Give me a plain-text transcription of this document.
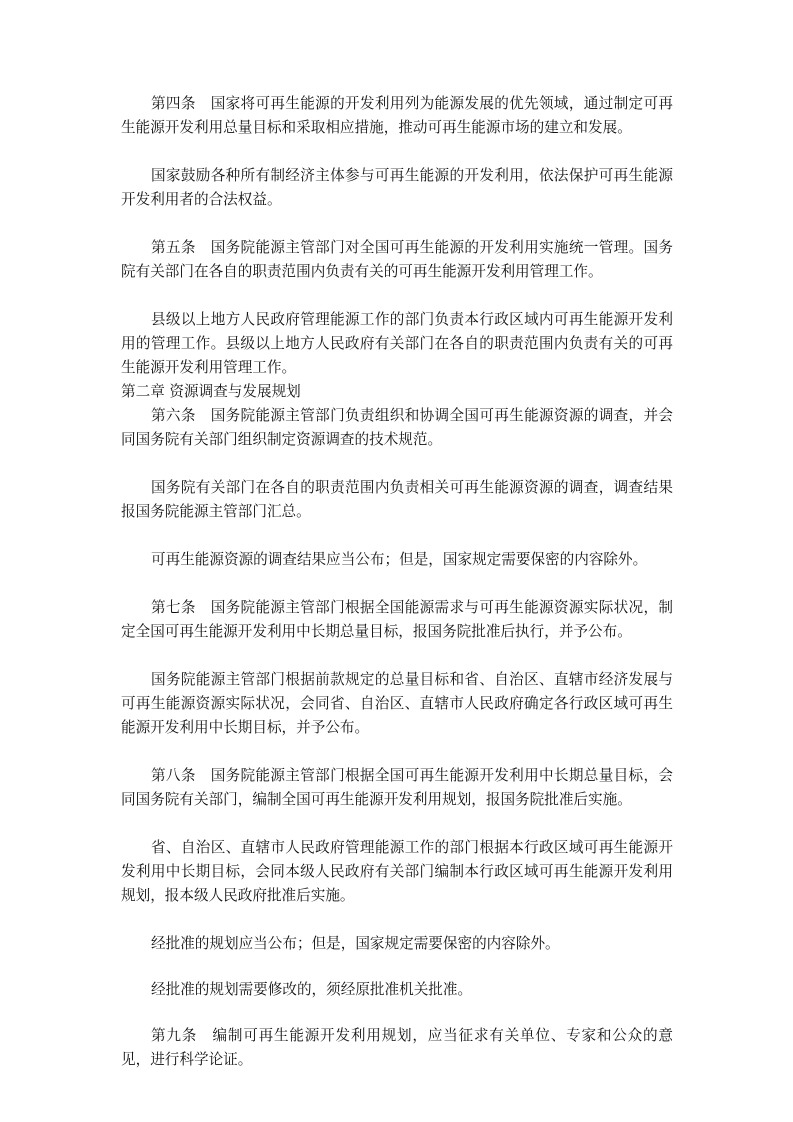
第四条　国家将可再生能源的开发利用列为能源发展的优先领域，通过制定可再生能源开发利用总量目标和采取相应措施，推动可再生能源市场的建立和发展。

国家鼓励各种所有制经济主体参与可再生能源的开发利用，依法保护可再生能源开发利用者的合法权益。

第五条　国务院能源主管部门对全国可再生能源的开发利用实施统一管理。国务院有关部门在各自的职责范围内负责有关的可再生能源开发利用管理工作。

县级以上地方人民政府管理能源工作的部门负责本行政区域内可再生能源开发利用的管理工作。县级以上地方人民政府有关部门在各自的职责范围内负责有关的可再生能源开发利用管理工作。

第二章 资源调查与发展规划

第六条　国务院能源主管部门负责组织和协调全国可再生能源资源的调查，并会同国务院有关部门组织制定资源调查的技术规范。

国务院有关部门在各自的职责范围内负责相关可再生能源资源的调查，调查结果报国务院能源主管部门汇总。

可再生能源资源的调查结果应当公布；但是，国家规定需要保密的内容除外。

第七条　国务院能源主管部门根据全国能源需求与可再生能源资源实际状况，制定全国可再生能源开发利用中长期总量目标，报国务院批准后执行，并予公布。

国务院能源主管部门根据前款规定的总量目标和省、自治区、直辖市经济发展与可再生能源资源实际状况，会同省、自治区、直辖市人民政府确定各行政区域可再生能源开发利用中长期目标，并予公布。

第八条　国务院能源主管部门根据全国可再生能源开发利用中长期总量目标，会同国务院有关部门，编制全国可再生能源开发利用规划，报国务院批准后实施。

省、自治区、直辖市人民政府管理能源工作的部门根据本行政区域可再生能源开发利用中长期目标，会同本级人民政府有关部门编制本行政区域可再生能源开发利用规划，报本级人民政府批准后实施。

经批准的规划应当公布；但是，国家规定需要保密的内容除外。

经批准的规划需要修改的，须经原批准机关批准。

第九条　编制可再生能源开发利用规划，应当征求有关单位、专家和公众的意见，进行科学论证。
